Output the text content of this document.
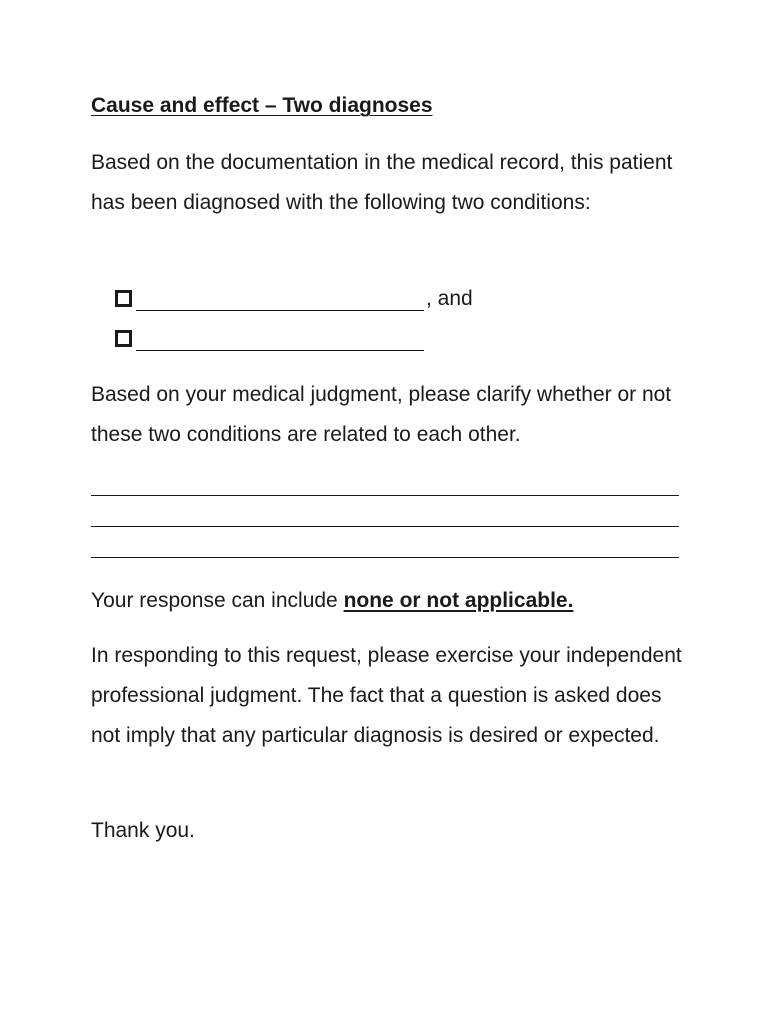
Cause and effect – Two diagnoses

Based on the documentation in the medical record, this patient has been diagnosed with the following two conditions:

, and

Based on your medical judgment, please clarify whether or not these two conditions are related to each other.

Your response can include none or not applicable.

In responding to this request, please exercise your independent professional judgment. The fact that a question is asked does not imply that any particular diagnosis is desired or expected.

Thank you.
